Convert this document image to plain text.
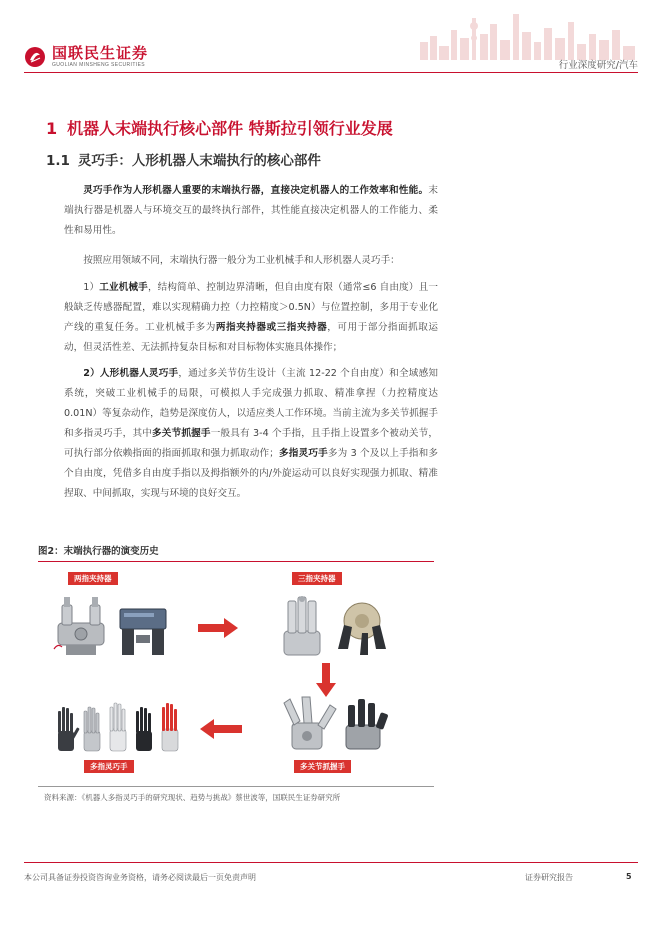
国联民生证券
GUOLIAN MINSHENG SECURITIES	行业深度研究/汽车
1 机器人末端执行核心部件 特斯拉引领行业发展
1.1 灵巧手：人形机器人末端执行的核心部件

灵巧手作为人形机器人重要的末端执行器，直接决定机器人的工作效率和性能。末端执行器是机器人与环境交互的最终执行部件，其性能直接决定机器人的工作能力、柔性和易用性。

按照应用领域不同，末端执行器一般分为工业机械手和人形机器人灵巧手：

1）工业机械手，结构简单、控制边界清晰，但自由度有限（通常≤6 自由度）且一般缺乏传感器配置，难以实现精确力控（力控精度＞0.5N）与位置控制，多用于专业化产线的重复任务。工业机械手多为两指夹持器或三指夹持器，可用于部分指面抓取运动，但灵活性差、无法抓持复杂目标和对目标物体实施具体操作；

2）人形机器人灵巧手，通过多关节仿生设计（主流 12-22 个自由度）和全域感知系统，突破工业机械手的局限，可模拟人手完成强力抓取、精准拿捏（力控精度达 0.01N）等复杂动作，趋势是深度仿人，以适应类人工作环境。当前主流为多关节抓握手和多指灵巧手，其中多关节抓握手一般具有 3-4 个手指，且手指上设置多个被动关节，可执行部分依赖指面的指面抓取和强力抓取动作；多指灵巧手多为 3 个及以上手指和多个自由度，凭借多自由度手指以及拇指额外的内/外旋运动可以良好实现强力抓取、精准捏取、中间抓取，实现与环境的良好交互。

图2：末端执行器的演变历史
两指夹持器	三指夹持器
多指灵巧手	多关节抓握手
资料来源：《机器人多指灵巧手的研究现状、趋势与挑战》蔡世波等，国联民生证券研究所
本公司具备证券投资咨询业务资格，请务必阅读最后一页免责声明	证券研究报告	5
